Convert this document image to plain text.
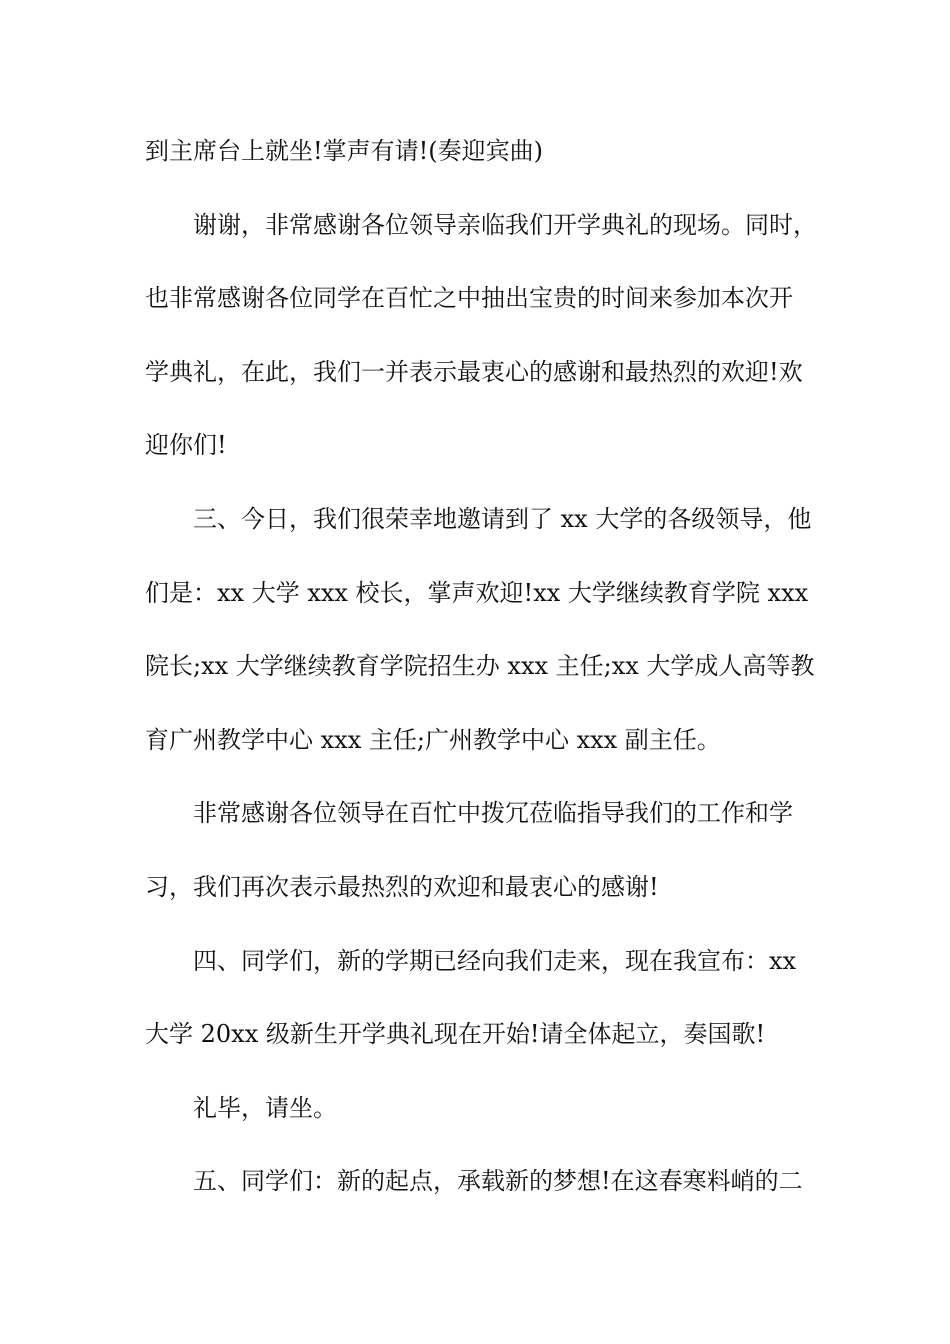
到主席台上就坐!掌声有请!(奏迎宾曲)
谢谢，非常感谢各位领导亲临我们开学典礼的现场。同时，
也非常感谢各位同学在百忙之中抽出宝贵的时间来参加本次开
学典礼，在此，我们一并表示最衷心的感谢和最热烈的欢迎!欢
迎你们!
三、今日，我们很荣幸地邀请到了 xx 大学的各级领导，他
们是：xx 大学 xxx 校长，掌声欢迎!xx 大学继续教育学院 xxx
院长;xx 大学继续教育学院招生办 xxx 主任;xx 大学成人高等教
育广州教学中心 xxx 主任;广州教学中心 xxx 副主任。
非常感谢各位领导在百忙中拨冗莅临指导我们的工作和学
习，我们再次表示最热烈的欢迎和最衷心的感谢!
四、同学们，新的学期已经向我们走来，现在我宣布：xx
大学 20xx 级新生开学典礼现在开始!请全体起立，奏国歌!
礼毕，请坐。
五、同学们：新的起点，承载新的梦想!在这春寒料峭的二
